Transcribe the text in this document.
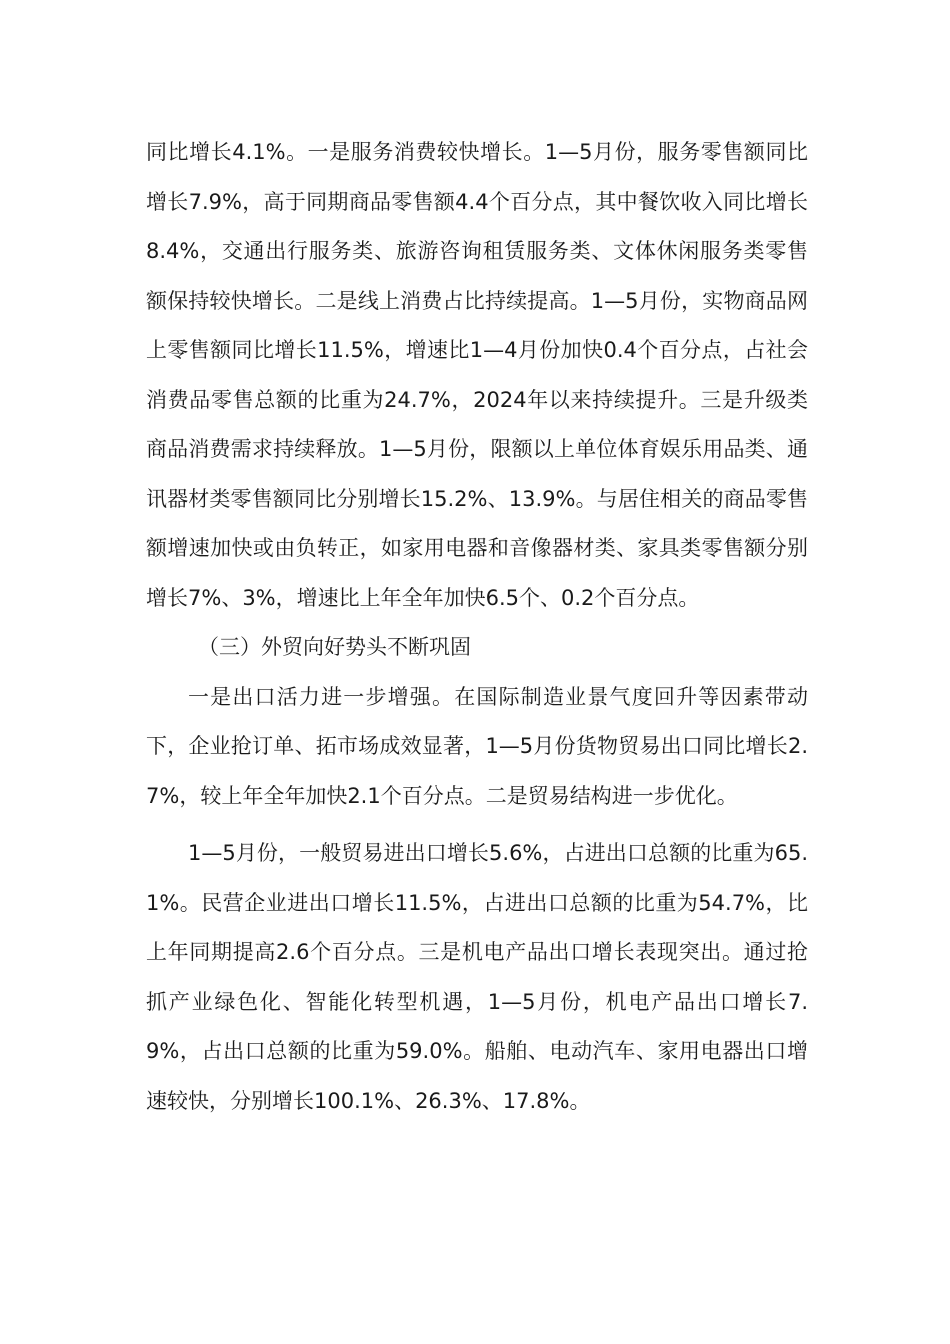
同比增长4.1%。一是服务消费较快增长。1—5月份，服务零售额同比增长7.9%，高于同期商品零售额4.4个百分点，其中餐饮收入同比增长8.4%，交通出行服务类、旅游咨询租赁服务类、文体休闲服务类零售额保持较快增长。二是线上消费占比持续提高。1—5月份，实物商品网上零售额同比增长11.5%，增速比1—4月份加快0.4个百分点，占社会消费品零售总额的比重为24.7%，2024年以来持续提升。三是升级类商品消费需求持续释放。1—5月份，限额以上单位体育娱乐用品类、通讯器材类零售额同比分别增长15.2%、13.9%。与居住相关的商品零售额增速加快或由负转正，如家用电器和音像器材类、家具类零售额分别增长7%、3%，增速比上年全年加快6.5个、0.2个百分点。

（三）外贸向好势头不断巩固

一是出口活力进一步增强。在国际制造业景气度回升等因素带动下，企业抢订单、拓市场成效显著，1—5月份货物贸易出口同比增长2.7%，较上年全年加快2.1个百分点。二是贸易结构进一步优化。

1—5月份，一般贸易进出口增长5.6%，占进出口总额的比重为65.1%。民营企业进出口增长11.5%，占进出口总额的比重为54.7%，比上年同期提高2.6个百分点。三是机电产品出口增长表现突出。通过抢抓产业绿色化、智能化转型机遇，1—5月份，机电产品出口增长7.9%，占出口总额的比重为59.0%。船舶、电动汽车、家用电器出口增速较快，分别增长100.1%、26.3%、17.8%。
